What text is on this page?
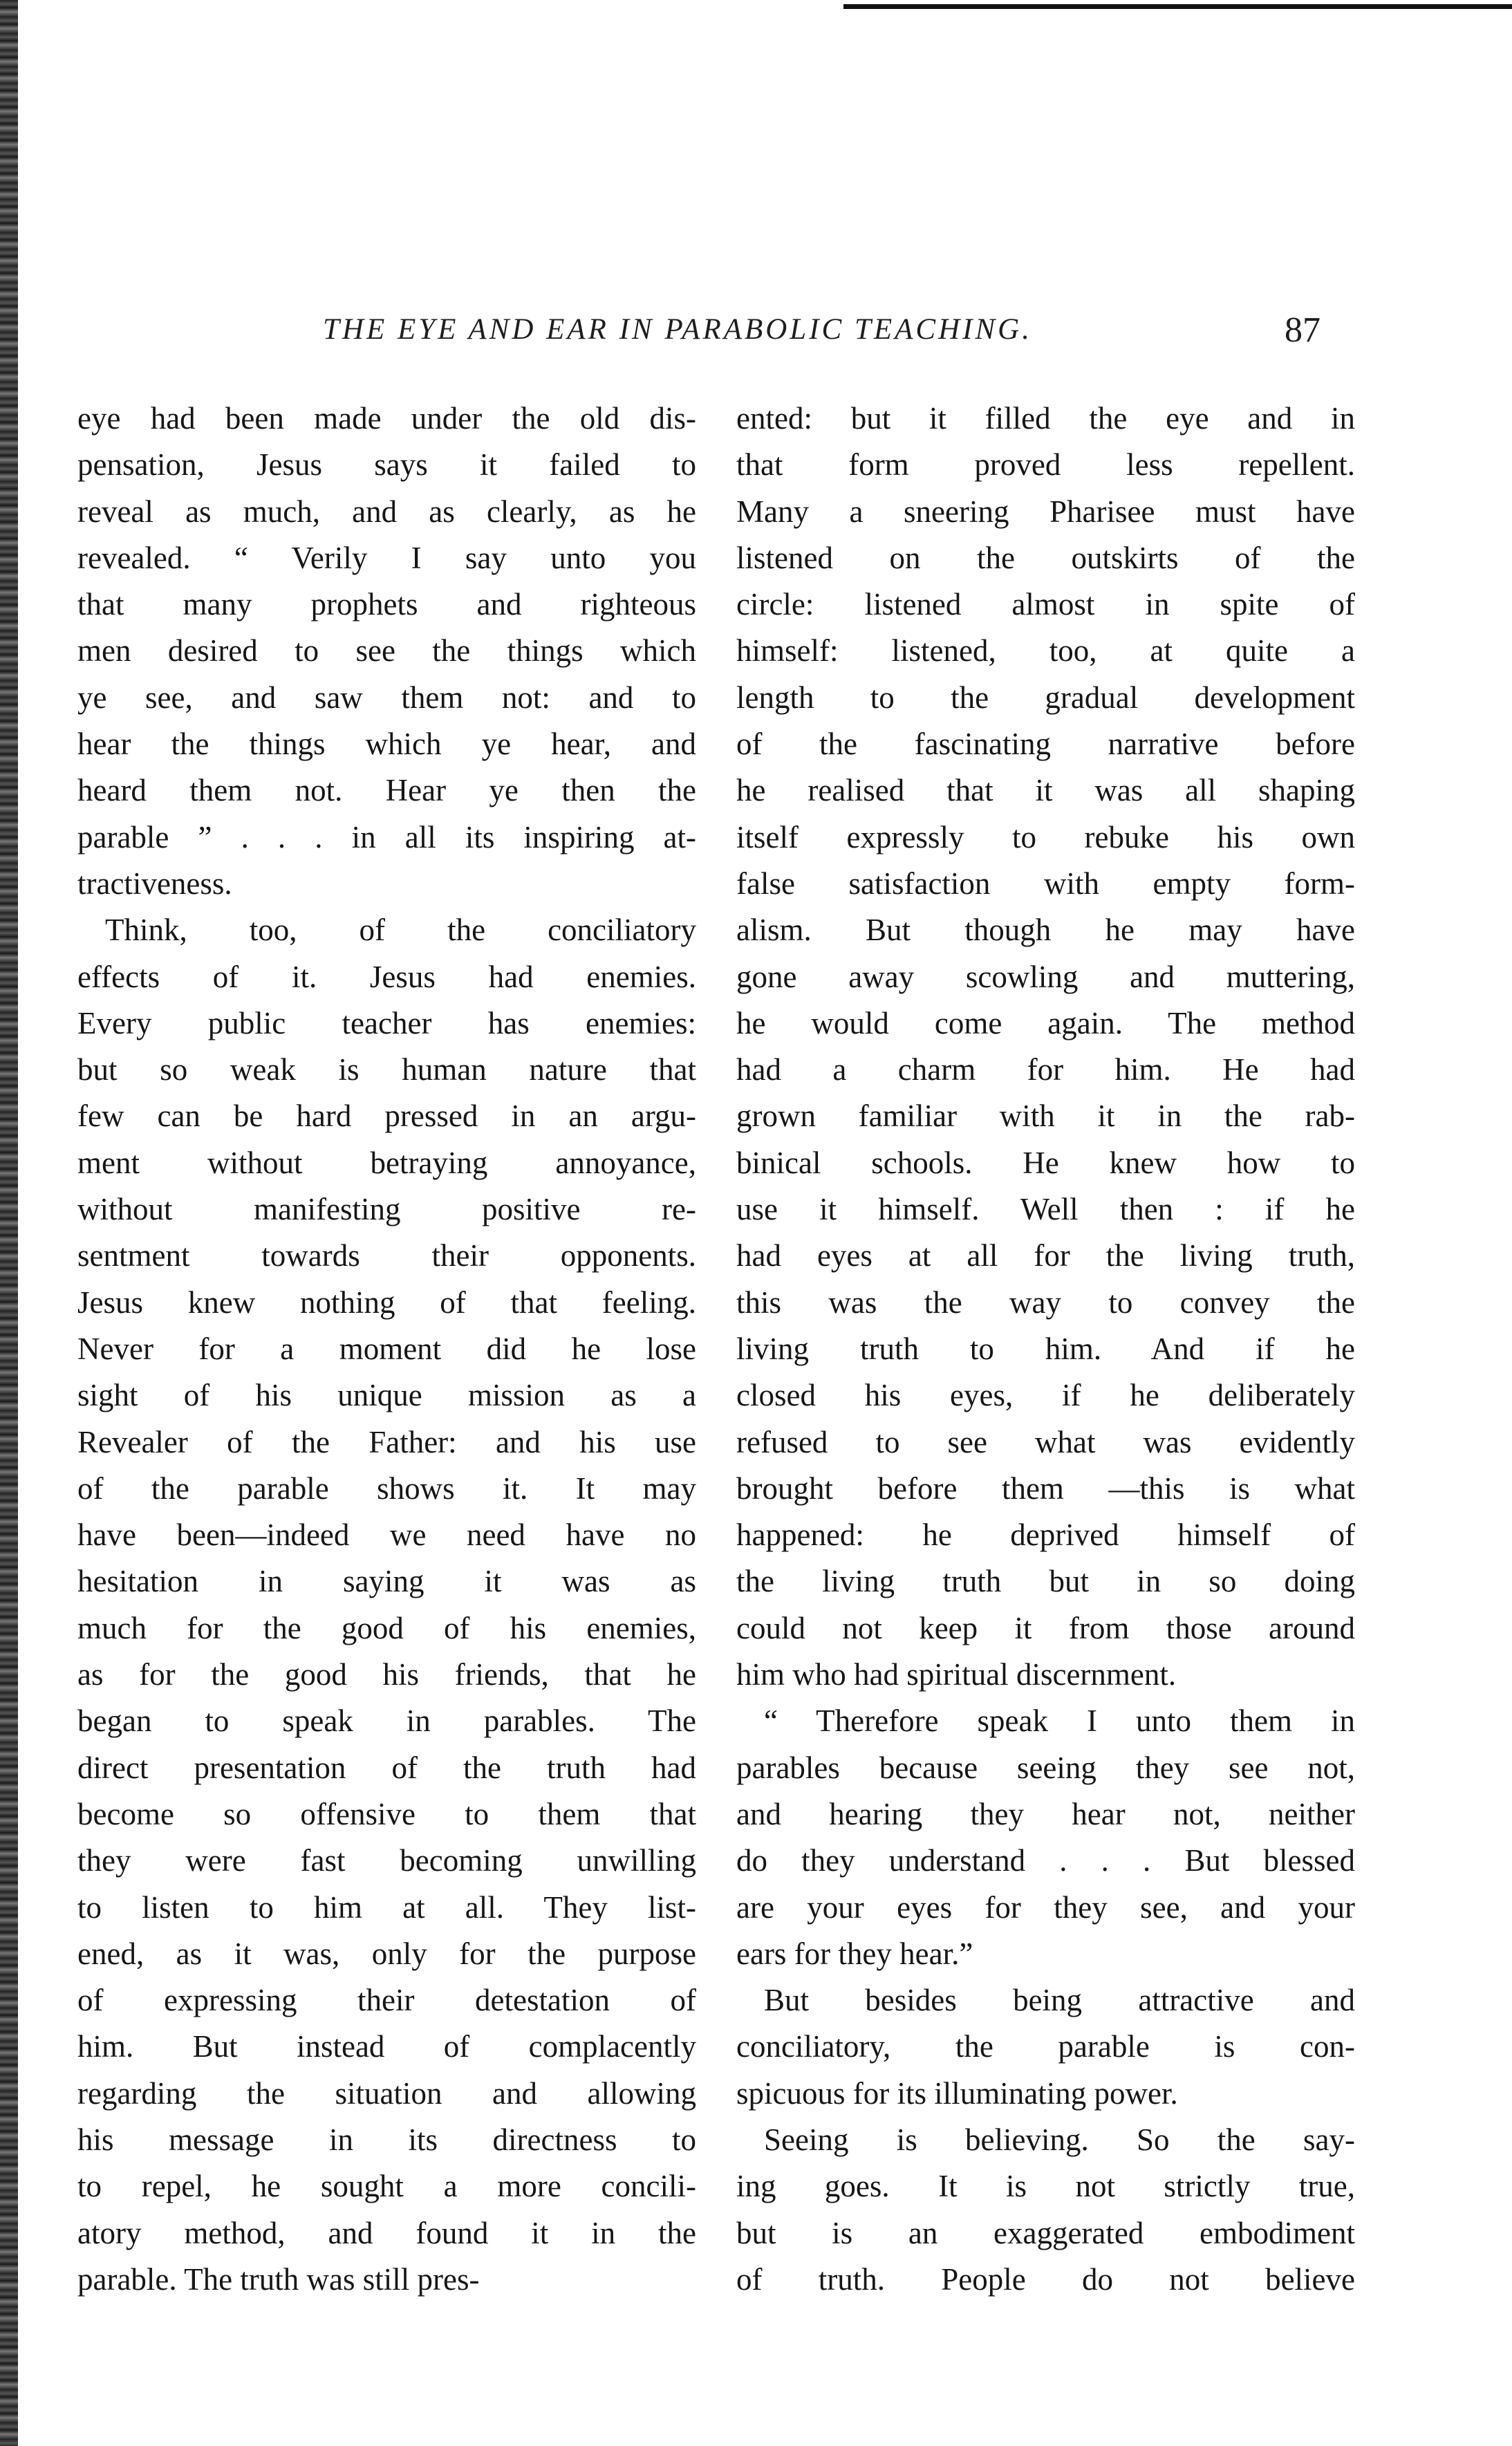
THE EYE AND EAR IN PARABOLIC TEACHING.	87
eye had been made under the old dis-
pensation, Jesus says it failed to
reveal as much, and as clearly, as he
revealed. “ Verily I say unto you
that many prophets and righteous
men desired to see the things which
ye see, and saw them not: and to
hear the things which ye hear, and
heard them not. Hear ye then the
parable ” . . . in all its inspiring at-
tractiveness.
Think, too, of the conciliatory
effects of it. Jesus had enemies.
Every public teacher has enemies:
but so weak is human nature that
few can be hard pressed in an argu-
ment without betraying annoyance,
without manifesting positive re-
sentment towards their opponents.
Jesus knew nothing of that feeling.
Never for a moment did he lose
sight of his unique mission as a
Revealer of the Father: and his use
of the parable shows it. It may
have been—indeed we need have no
hesitation in saying it was as
much for the good of his enemies,
as for the good his friends, that he
began to speak in parables. The
direct presentation of the truth had
become so offensive to them that
they were fast becoming unwilling
to listen to him at all. They list-
ened, as it was, only for the purpose
of expressing their detestation of
him. But instead of complacently
regarding the situation and allowing
his message in its directness to
to repel, he sought a more concili-
atory method, and found it in the
parable. The truth was still pres-
ented: but it filled the eye and in
that form proved less repellent.
Many a sneering Pharisee must have
listened on the outskirts of the
circle: listened almost in spite of
himself: listened, too, at quite a
length to the gradual development
of the fascinating narrative before
he realised that it was all shaping
itself expressly to rebuke his own
false satisfaction with empty form-
alism. But though he may have
gone away scowling and muttering,
he would come again. The method
had a charm for him. He had
grown familiar with it in the rab-
binical schools. He knew how to
use it himself. Well then : if he
had eyes at all for the living truth,
this was the way to convey the
living truth to him. And if he
closed his eyes, if he deliberately
refused to see what was evidently
brought before them —this is what
happened: he deprived himself of
the living truth but in so doing
could not keep it from those around
him who had spiritual discernment.
“ Therefore speak I unto them in
parables because seeing they see not,
and hearing they hear not, neither
do they understand . . . But blessed
are your eyes for they see, and your
ears for they hear.”
But besides being attractive and
conciliatory, the parable is con-
spicuous for its illuminating power.
Seeing is believing. So the say-
ing goes. It is not strictly true,
but is an exaggerated embodiment
of truth. People do not believe
